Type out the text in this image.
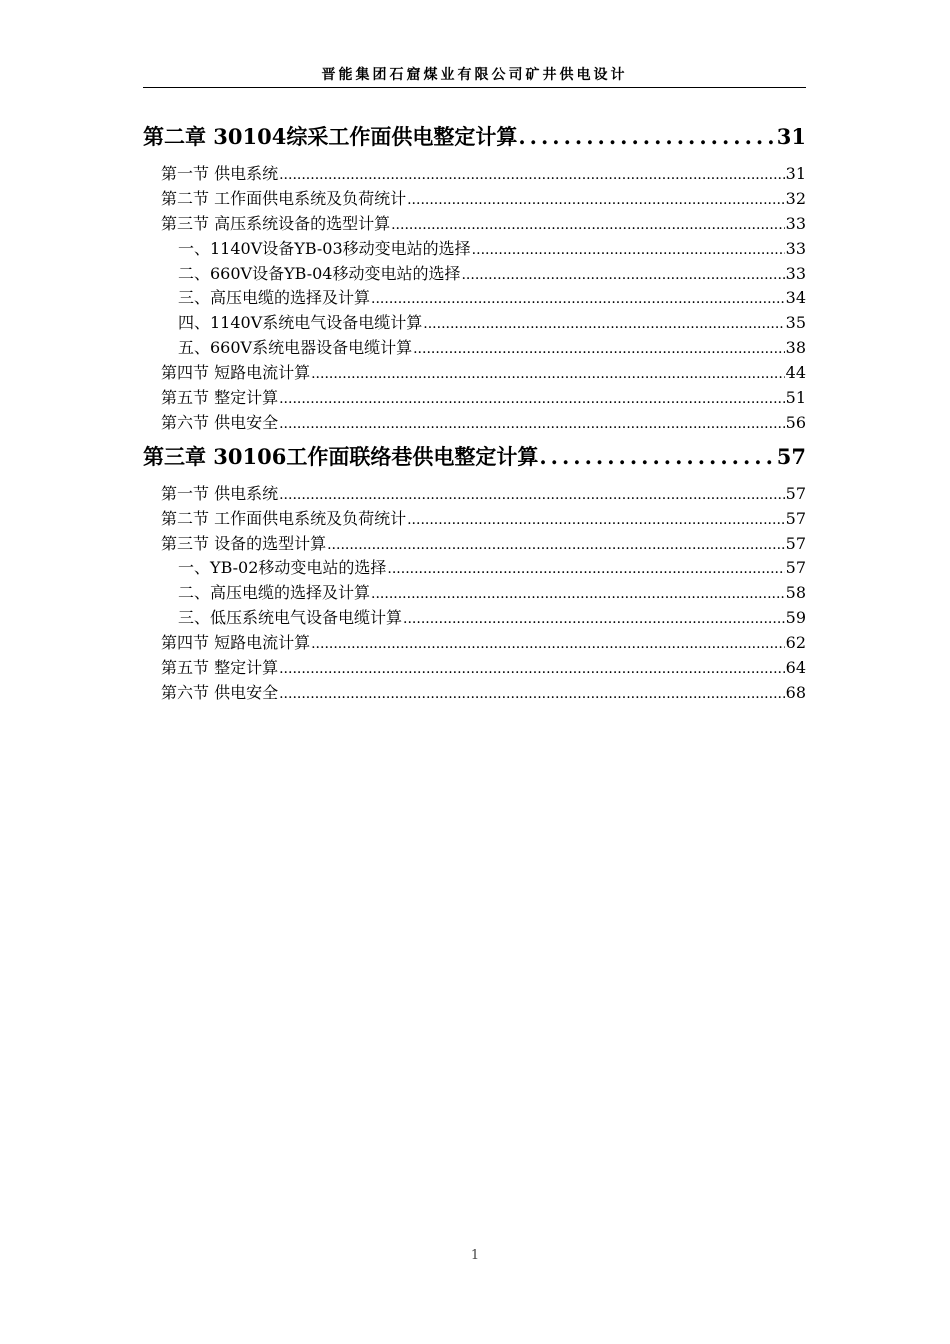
晋能集团石窟煤业有限公司矿井供电设计
第二章 30104综采工作面供电整定计算 .....	31
第一节 供电系统 .....	31
第二节 工作面供电系统及负荷统计 .....	32
第三节 高压系统设备的选型计算 .....	33
一、1140V设备YB-03移动变电站的选择 .....	33
二、660V设备YB-04移动变电站的选择 .....	33
三、高压电缆的选择及计算 .....	34
四、1140V系统电气设备电缆计算 .....	35
五、660V系统电器设备电缆计算 .....	38
第四节 短路电流计算 .....	44
第五节 整定计算 .....	51
第六节 供电安全 .....	56
第三章 30106工作面联络巷供电整定计算 .....	57
第一节 供电系统 .....	57
第二节 工作面供电系统及负荷统计 .....	57
第三节 设备的选型计算 .....	57
一、YB-02移动变电站的选择 .....	57
二、高压电缆的选择及计算 .....	58
三、低压系统电气设备电缆计算 .....	59
第四节 短路电流计算 .....	62
第五节 整定计算 .....	64
第六节 供电安全 .....	68
1
